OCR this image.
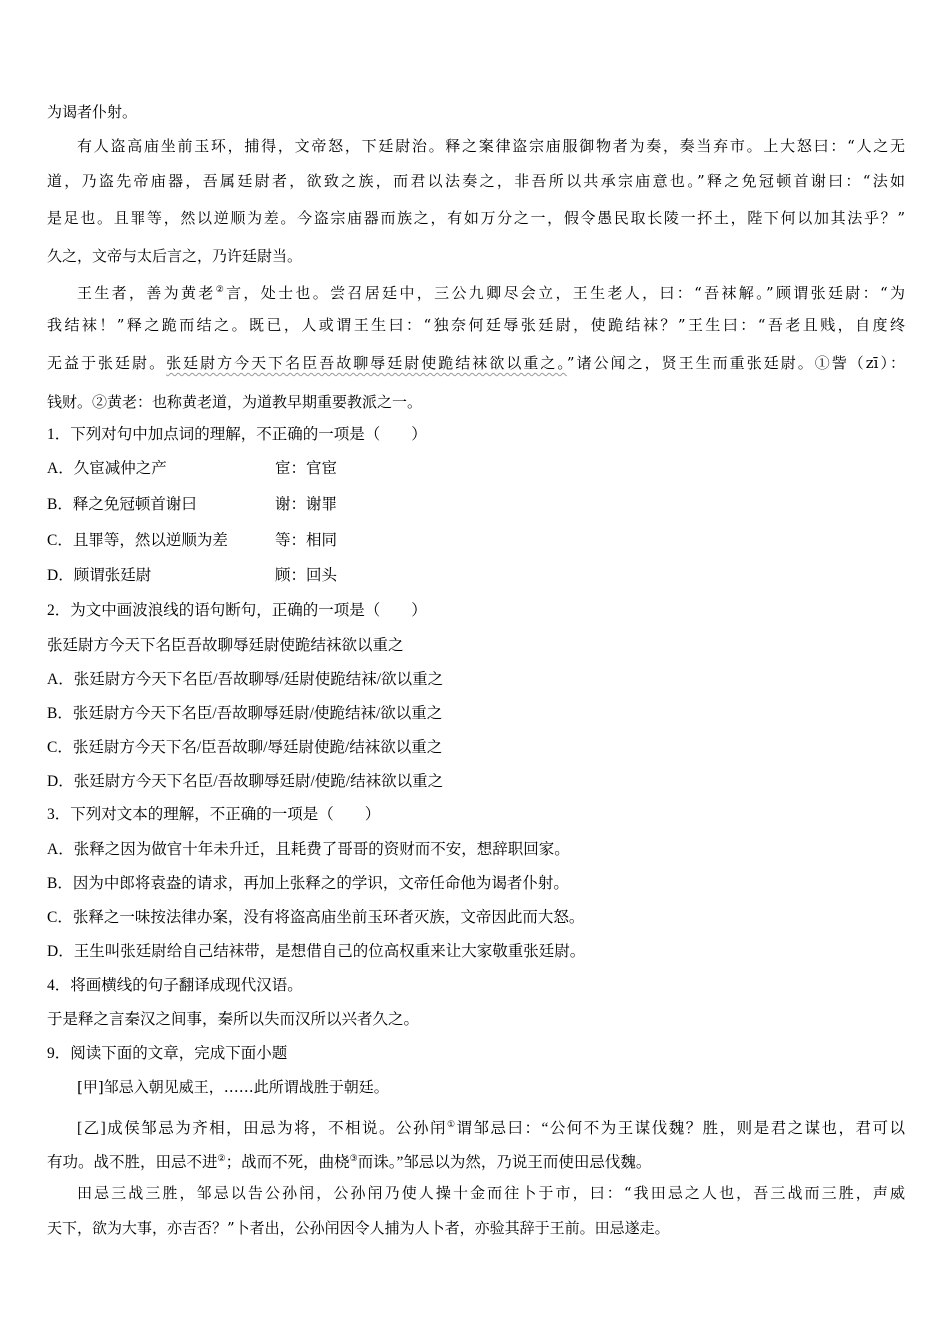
为谒者仆射。
有人盗高庙坐前玉环，捕得，文帝怒，下廷尉治。释之案律盗宗庙服御物者为奏，奏当弃市。上大怒曰：“人之无
道，乃盗先帝庙器，吾属廷尉者，欲致之族，而君以法奏之，非吾所以共承宗庙意也。”释之免冠顿首谢曰：“法如
是足也。且罪等，然以逆顺为差。今盗宗庙器而族之，有如万分之一，假令愚民取长陵一抔土，陛下何以加其法乎？”
久之，文帝与太后言之，乃许廷尉当。
王生者，善为黄老②言，处士也。尝召居廷中，三公九卿尽会立，王生老人，曰：“吾袜解。”顾谓张廷尉：“为
我结袜！”释之跪而结之。既已，人或谓王生曰：“独奈何廷辱张廷尉，使跪结袜？”王生曰：“吾老且贱，自度终
无益于张廷尉。张廷尉方今天下名臣吾故聊辱廷尉使跪结袜欲以重之。”诸公闻之，贤王生而重张廷尉。①訾（zī）：
钱财。②黄老：也称黄老道，为道教早期重要教派之一。
1．下列对句中加点词的理解，不正确的一项是（　　）
A．久宦减仲之产	宦：官宦
B．释之免冠顿首谢曰	谢：谢罪
C．且罪等，然以逆顺为差	等：相同
D．顾谓张廷尉	顾：回头
2．为文中画波浪线的语句断句，正确的一项是（　　）
张廷尉方今天下名臣吾故聊辱廷尉使跪结袜欲以重之
A．张廷尉方今天下名臣/吾故聊辱/廷尉使跪结袜/欲以重之
B．张廷尉方今天下名臣/吾故聊辱廷尉/使跪结袜/欲以重之
C．张廷尉方今天下名/臣吾故聊/辱廷尉使跪/结袜欲以重之
D．张廷尉方今天下名臣/吾故聊辱廷尉/使跪/结袜欲以重之
3．下列对文本的理解，不正确的一项是（　　）
A．张释之因为做官十年未升迁，且耗费了哥哥的资财而不安，想辞职回家。
B．因为中郎将袁盎的请求，再加上张释之的学识，文帝任命他为谒者仆射。
C．张释之一味按法律办案，没有将盗高庙坐前玉环者灭族，文帝因此而大怒。
D．王生叫张廷尉给自己结袜带，是想借自己的位高权重来让大家敬重张廷尉。
4．将画横线的句子翻译成现代汉语。
于是释之言秦汉之间事，秦所以失而汉所以兴者久之。
9．阅读下面的文章，完成下面小题
[甲]邹忌入朝见威王，……此所谓战胜于朝廷。
[乙]成侯邹忌为齐相，田忌为将，不相说。公孙闬①谓邹忌曰：“公何不为王谋伐魏？胜，则是君之谋也，君可以
有功。战不胜，田忌不进②；战而不死，曲桡③而诛。”邹忌以为然，乃说王而使田忌伐魏。
田忌三战三胜，邹忌以告公孙闬，公孙闬乃使人操十金而往卜于市，曰：“我田忌之人也，吾三战而三胜，声威
天下，欲为大事，亦吉否？”卜者出，公孙闬因令人捕为人卜者，亦验其辞于王前。田忌遂走。
